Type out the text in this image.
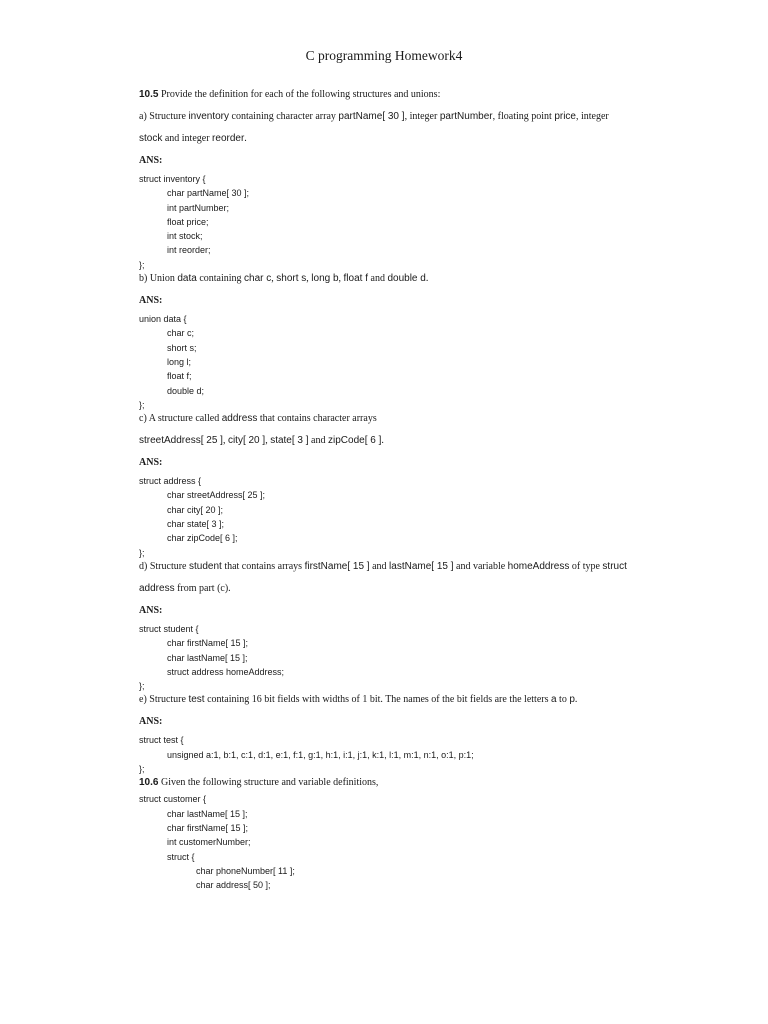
C programming Homework4
10.5 Provide the definition for each of the following structures and unions:
a) Structure inventory containing character array partName[ 30 ], integer partNumber, floating point price, integer
stock and integer reorder.
ANS:
struct inventory {
char partName[ 30 ];
int partNumber;
float price;
int stock;
int reorder;
};
b) Union data containing char c, short s, long b, float f and double d.
ANS:
union data {
char c;
short s;
long l;
float f;
double d;
};
c) A structure called address that contains character arrays
streetAddress[ 25 ], city[ 20 ], state[ 3 ] and zipCode[ 6 ].
ANS:
struct address {
char streetAddress[ 25 ];
char city[ 20 ];
char state[ 3 ];
char zipCode[ 6 ];
};
d) Structure student that contains arrays firstName[ 15 ] and lastName[ 15 ] and variable homeAddress of type struct
address from part (c).
ANS:
struct student {
char firstName[ 15 ];
char lastName[ 15 ];
struct address homeAddress;
};
e) Structure test containing 16 bit fields with widths of 1 bit. The names of the bit fields are the letters a to p.
ANS:
struct test {
unsigned a:1, b:1, c:1, d:1, e:1, f:1, g:1, h:1, i:1, j:1, k:1, l:1, m:1, n:1, o:1, p:1;
};
10.6 Given the following structure and variable definitions,
struct customer {
char lastName[ 15 ];
char firstName[ 15 ];
int customerNumber;
struct {
char phoneNumber[ 11 ];
char address[ 50 ];
